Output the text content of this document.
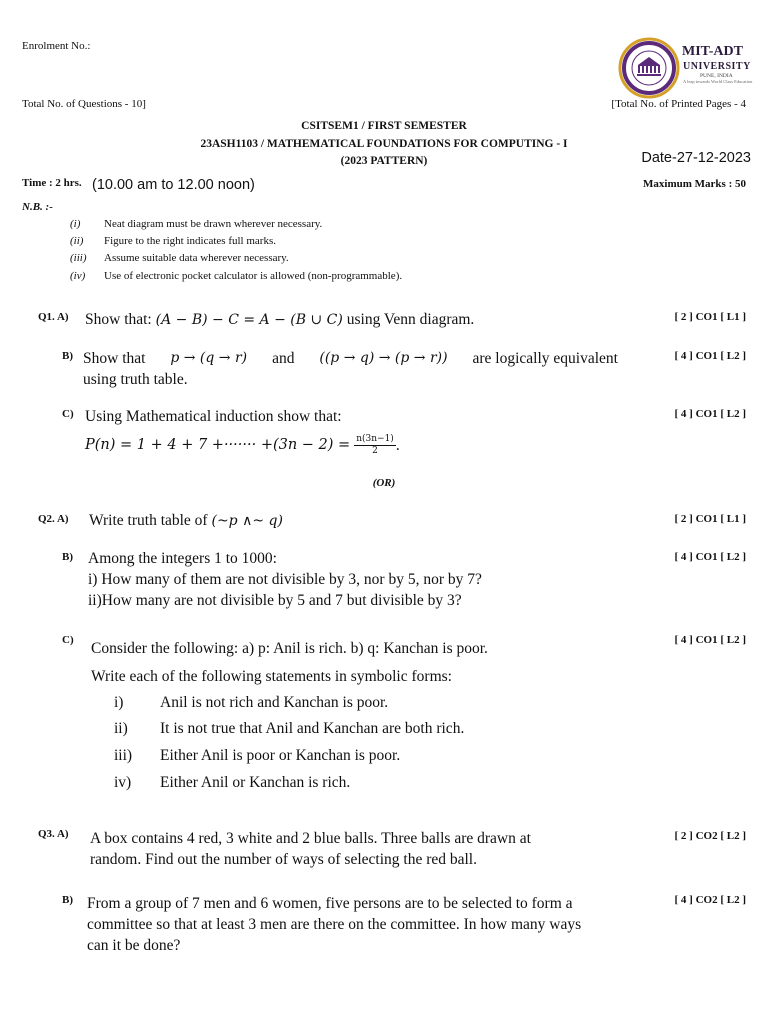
Enrolment No.:	MIT-ADT
UNIVERSITY
PUNE, INDIA
A leap towards World Class Education
Total No. of Questions - 10]	[Total No. of Printed Pages - 4
CSITSEM1 / FIRST SEMESTER
23ASH1103 / MATHEMATICAL FOUNDATIONS FOR COMPUTING - I
(2023 PATTERN)	Date-27-12-2023
Time : 2 hrs. (10.00 am to 12.00 noon)	Maximum Marks : 50
N.B. :-
(i) Neat diagram must be drawn wherever necessary.
(ii) Figure to the right indicates full marks.
(iii) Assume suitable data wherever necessary.
(iv) Use of electronic pocket calculator is allowed (non-programmable).
Q1. A) Show that: (A − B) − C = A − (B ∪ C) using Venn diagram.	[ 2 ] CO1 [ L1 ]
B) Show that p → (q → r) and ((p → q) → (p → r)) are logically equivalent
using truth table.
[ 4 ] CO1 [ L2 ]
C) Using Mathematical induction show that:
P(n) = 1 + 4 + 7 +······· $+(3n - 2) = \frac{n(3n-1)}{2}$ .
[ 4 ] CO1 [ L2 ]
(OR)
Q2. A) Write truth table of (~p ∧~ q)	[ 2 ] CO1 [ L1 ]
B) Among the integers 1 to 1000:
i) How many of them are not divisible by 3, nor by 5, nor by 7?
ii)How many are not divisible by 5 and 7 but divisible by 3?
[ 4 ] CO1 [ L2 ]
C) Consider the following: a) p: Anil is rich. b) q: Kanchan is poor.
Write each of the following statements in symbolic forms:
i) Anil is not rich and Kanchan is poor.
ii) It is not true that Anil and Kanchan are both rich.
iii) Either Anil is poor or Kanchan is poor.
iv) Either Anil or Kanchan is rich.
[ 4 ] CO1 [ L2 ]
Q3. A) A box contains 4 red, 3 white and 2 blue balls. Three balls are drawn at
random. Find out the number of ways of selecting the red ball.
[ 2 ] CO2 [ L2 ]
B) From a group of 7 men and 6 women, five persons are to be selected to form a
committee so that at least 3 men are there on the committee. In how many ways
can it be done?
[ 4 ] CO2 [ L2 ]
